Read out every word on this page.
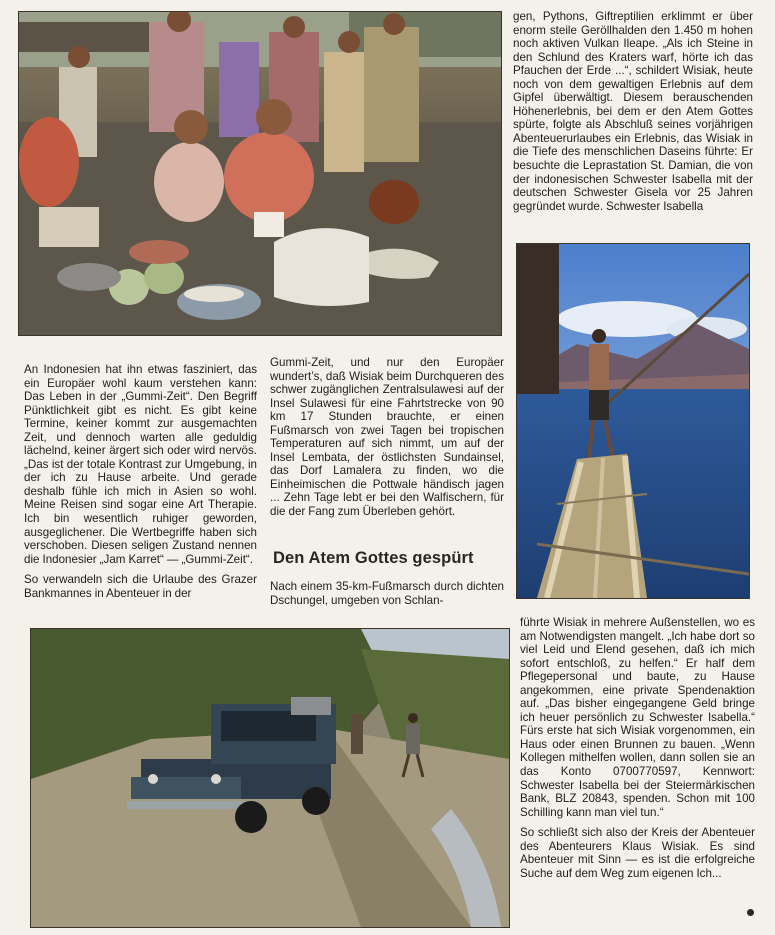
gen, Pythons, Giftreptilien erklimmt er über enorm steile Geröllhalden den 1.450 m hohen noch aktiven Vulkan Ileape. „Als ich Steine in den Schlund des Kraters warf, hörte ich das Pfauchen der Erde ...“, schildert Wisiak, heute noch von dem gewaltigen Erlebnis auf dem Gipfel überwältigt. Diesem berauschenden Höhenerlebnis, bei dem er den Atem Gottes spürte, folgte als Abschluß seines vorjährigen Abenteuerurlaubes ein Erlebnis, das Wisiak in die Tiefe des menschlichen Daseins führte: Er besuchte die Leprastation St. Damian, die von der indonesischen Schwester Isabella mit der deutschen Schwester Gisela vor 25 Jahren gegründet wurde. Schwester Isabella

An Indonesien hat ihn etwas fasziniert, das ein Europäer wohl kaum verstehen kann: Das Leben in der „Gummi-Zeit“. Den Begriff Pünktlichkeit gibt es nicht. Es gibt keine Termine, keiner kommt zur ausgemachten Zeit, und dennoch warten alle geduldig lächelnd, keiner ärgert sich oder wird nervös. „Das ist der totale Kontrast zur Umgebung, in der ich zu Hause arbeite. Und gerade deshalb fühle ich mich in Asien so wohl. Meine Reisen sind sogar eine Art Therapie. Ich bin wesentlich ruhiger geworden, ausgeglichener. Die Wertbegriffe haben sich verschoben. Diesen seligen Zustand nennen die Indonesier „Jam Karret“ — „Gummi-Zeit“.

So verwandeln sich die Urlaube des Grazer Bankmannes in Abenteuer in der

Gummi-Zeit, und nur den Europäer wundert’s, daß Wisiak beim Durchqueren des schwer zugänglichen Zentralsulawesi auf der Insel Sulawesi für eine Fahrtstrecke von 90 km 17 Stunden brauchte, er einen Fußmarsch von zwei Tagen bei tropischen Temperaturen auf sich nimmt, um auf der Insel Lembata, der östlichsten Sundainsel, das Dorf Lamalera zu finden, wo die Einheimischen die Pottwale händisch jagen ... Zehn Tage lebt er bei den Walfischern, für die der Fang zum Überleben gehört.

Den Atem Gottes gespürt

Nach einem 35-km-Fußmarsch durch dichten Dschungel, umgeben von Schlan-

führte Wisiak in mehrere Außenstellen, wo es am Notwendigsten mangelt. „Ich habe dort so viel Leid und Elend gesehen, daß ich mich sofort entschloß, zu helfen.“ Er half dem Pflegepersonal und baute, zu Hause angekommen, eine private Spendenaktion auf. „Das bisher eingegangene Geld bringe ich heuer persönlich zu Schwester Isabella.“ Fürs erste hat sich Wisiak vorgenommen, ein Haus oder einen Brunnen zu bauen. „Wenn Kollegen mithelfen wollen, dann sollen sie an das Konto 0700770597, Kennwort: Schwester Isabella bei der Steiermärkischen Bank, BLZ 20843, spenden. Schon mit 100 Schilling kann man viel tun.“

So schließt sich also der Kreis der Abenteuer des Abenteurers Klaus Wisiak. Es sind Abenteuer mit Sinn — es ist die erfolgreiche Suche auf dem Weg zum eigenen Ich...
